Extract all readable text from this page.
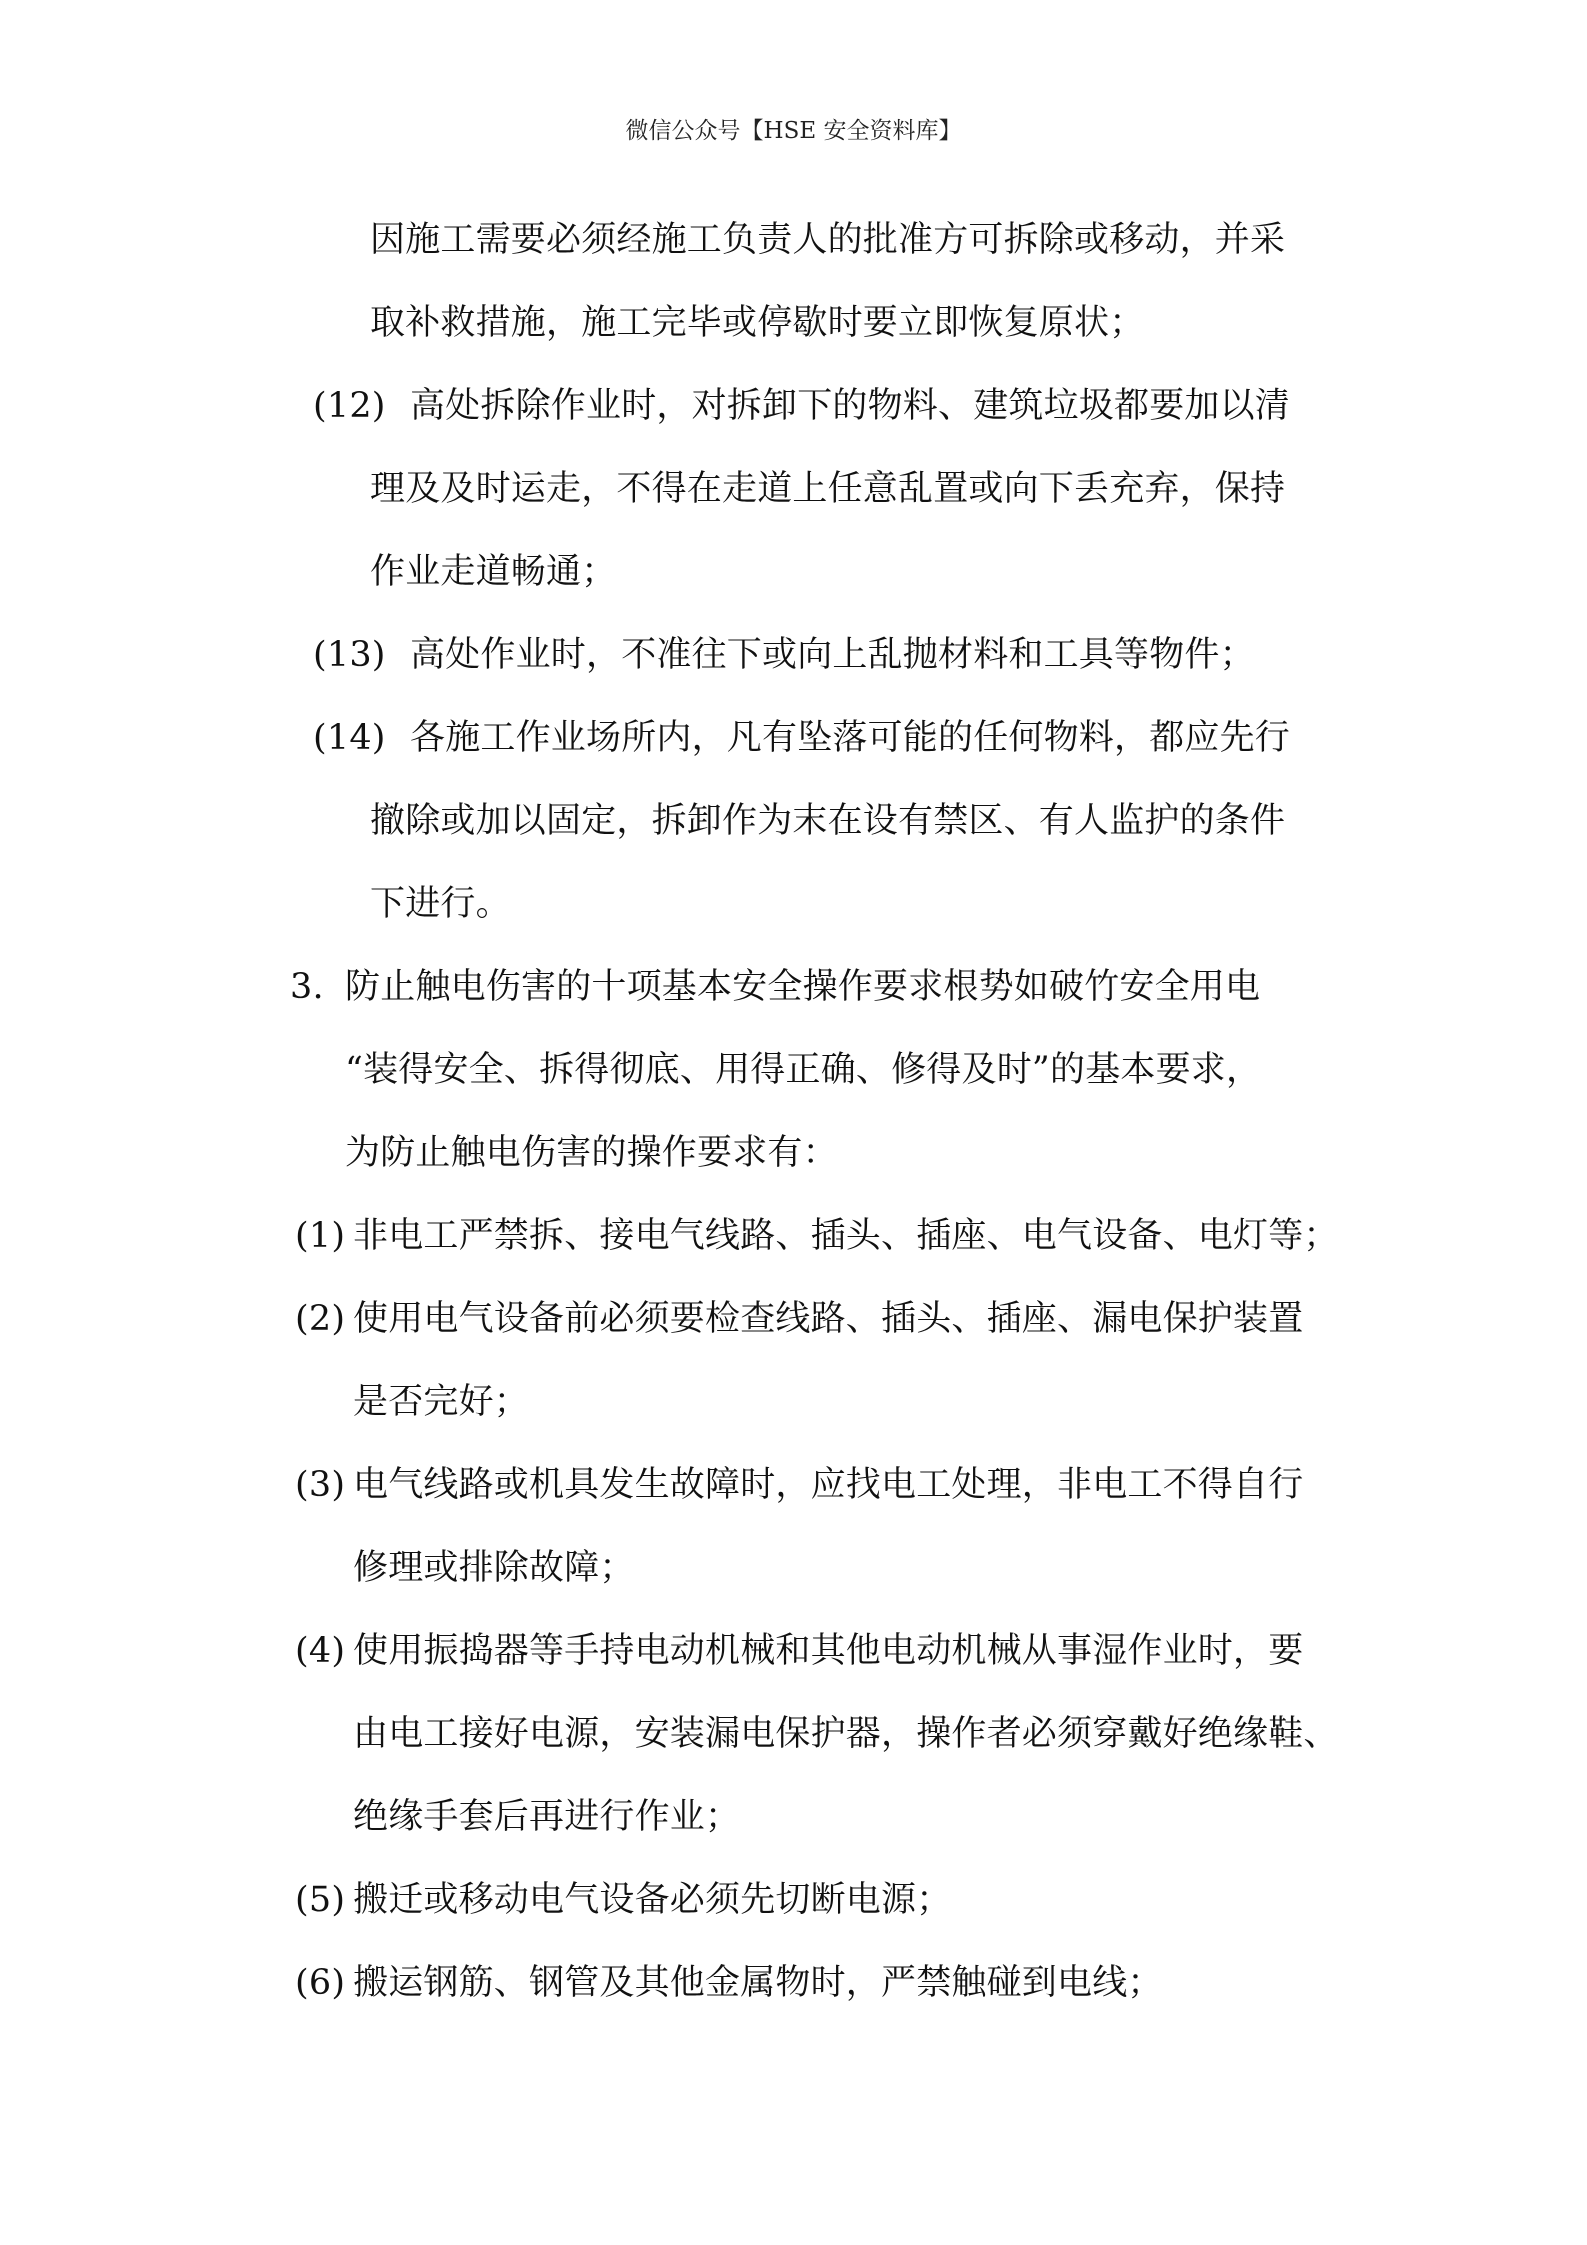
微信公众号【HSE 安全资料库】
因施工需要必须经施工负责人的批准方可拆除或移动，并采
取补救措施，施工完毕或停歇时要立即恢复原状；
(12) 高处拆除作业时，对拆卸下的物料、建筑垃圾都要加以清
理及及时运走，不得在走道上任意乱置或向下丢充弃，保持
作业走道畅通；
(13) 高处作业时，不准往下或向上乱抛材料和工具等物件；
(14) 各施工作业场所内，凡有坠落可能的任何物料，都应先行
撤除或加以固定，拆卸作为末在设有禁区、有人监护的条件
下进行。
3. 防止触电伤害的十项基本安全操作要求根势如破竹安全用电
“装得安全、拆得彻底、用得正确、修得及时”的基本要求，
为防止触电伤害的操作要求有：
(1) 非电工严禁拆、接电气线路、插头、插座、电气设备、电灯等；
(2) 使用电气设备前必须要检查线路、插头、插座、漏电保护装置
是否完好；
(3) 电气线路或机具发生故障时，应找电工处理，非电工不得自行
修理或排除故障；
(4) 使用振捣器等手持电动机械和其他电动机械从事湿作业时，要
由电工接好电源，安装漏电保护器，操作者必须穿戴好绝缘鞋、
绝缘手套后再进行作业；
(5) 搬迁或移动电气设备必须先切断电源；
(6) 搬运钢筋、钢管及其他金属物时，严禁触碰到电线；
